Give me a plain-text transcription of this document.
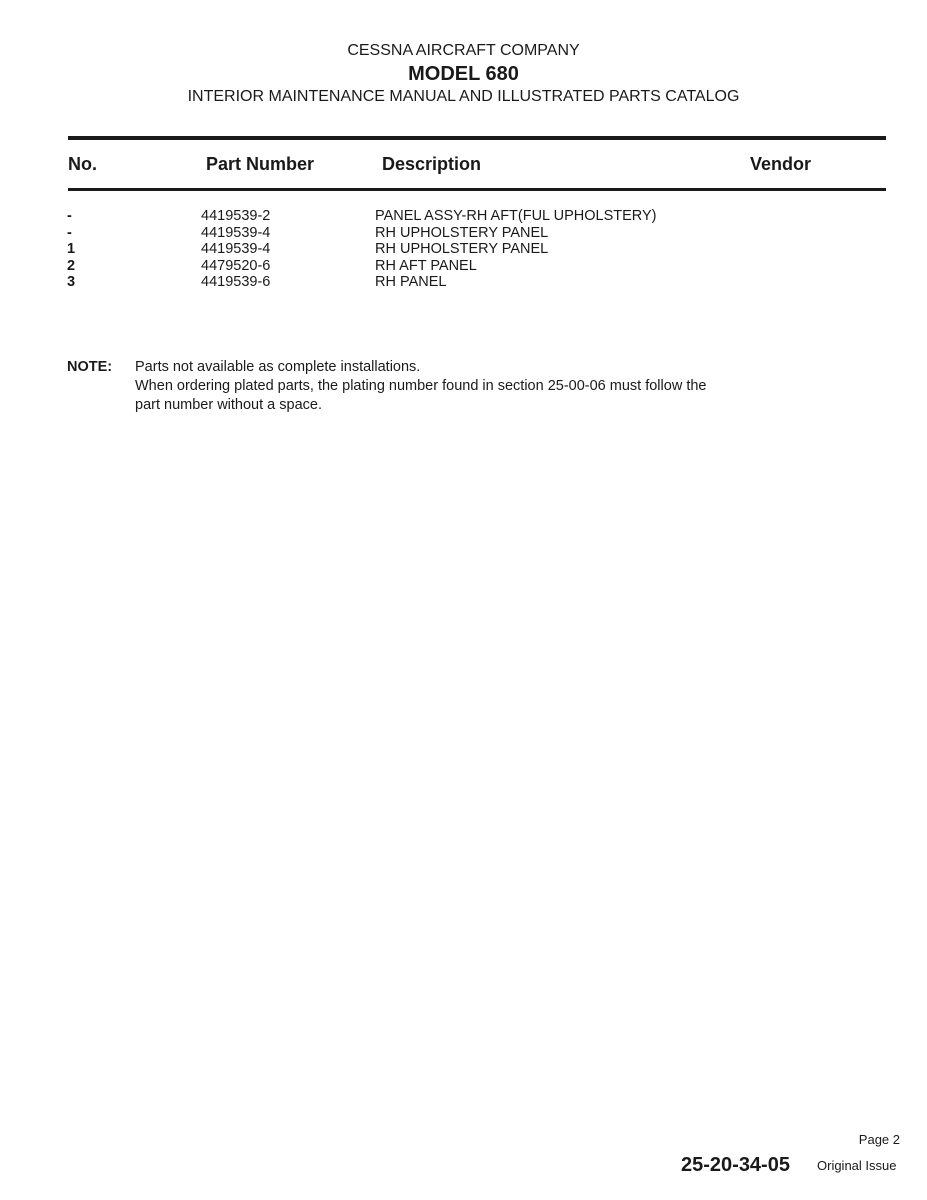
CESSNA AIRCRAFT COMPANY
MODEL 680
INTERIOR MAINTENANCE MANUAL AND ILLUSTRATED PARTS CATALOG
No.	Part Number	Description	Vendor
-	4419539-2	PANEL ASSY-RH AFT(FUL UPHOLSTERY)
-	4419539-4	RH UPHOLSTERY PANEL
1	4419539-4	RH UPHOLSTERY PANEL
2	4479520-6	RH AFT PANEL
3	4419539-6	RH PANEL
NOTE: Parts not available as complete installations.
When ordering plated parts, the plating number found in section 25-00-06 must follow the
part number without a space.
Page 2
25-20-34-05 Original Issue
